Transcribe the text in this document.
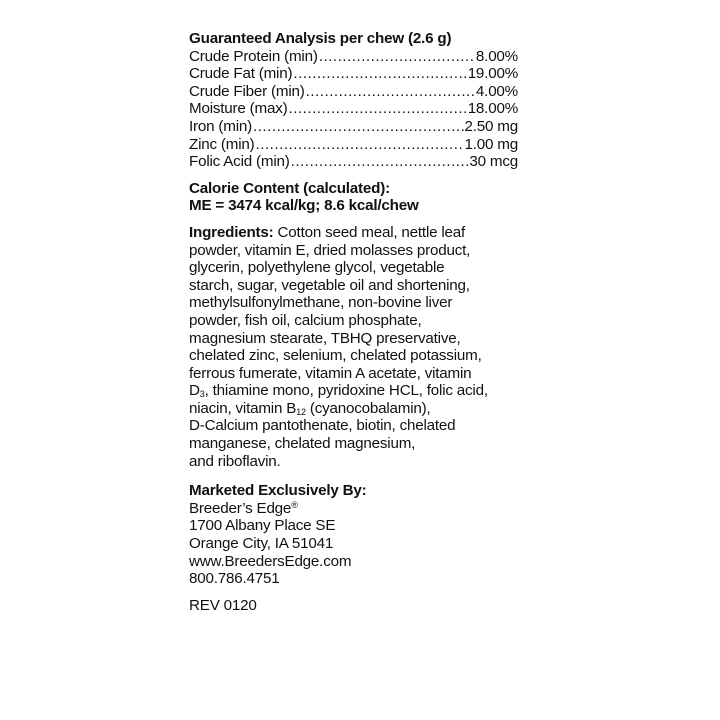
Guaranteed Analysis per chew (2.6 g)
Crude Protein (min) .....	8.00%
Crude Fat (min) .....	19.00%
Crude Fiber (min) .....	4.00%
Moisture (max) .....	18.00%
Iron (min) .....	2.50 mg
Zinc (min) .....	1.00 mg
Folic Acid (min) .....	30 mcg
Calorie Content (calculated):
ME = 3474 kcal/kg; 8.6 kcal/chew
Ingredients: Cotton seed meal, nettle leaf
powder, vitamin E, dried molasses product,
glycerin, polyethylene glycol, vegetable
starch, sugar, vegetable oil and shortening,
methylsulfonylmethane, non-bovine liver
powder, fish oil, calcium phosphate,
magnesium stearate, TBHQ preservative,
chelated zinc, selenium, chelated potassium,
ferrous fumerate, vitamin A acetate, vitamin
$D_3$, thiamine mono, pyridoxine HCL, folic acid,
niacin, vitamin $B_{12}$ (cyanocobalamin),
D-Calcium pantothenate, biotin, chelated
manganese, chelated magnesium,
and riboflavin.
Marketed Exclusively By:
Breeder’s Edge®
1700 Albany Place SE
Orange City, IA 51041
www.BreedersEdge.com
800.786.4751
REV 0120
